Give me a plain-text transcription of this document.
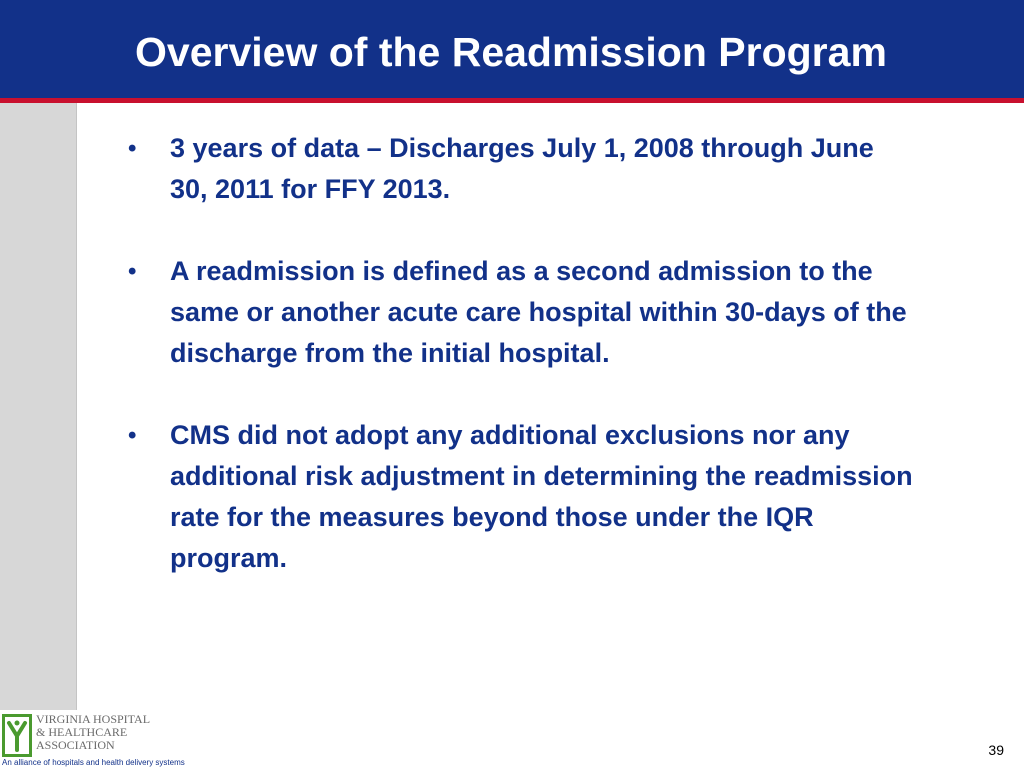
Overview of the Readmission Program
• 3 years of data – Discharges July 1, 2008 through June 30, 2011 for FFY 2013.
• A readmission is defined as a second admission to the same or another acute care hospital within 30-days of the discharge from the initial hospital.
• CMS did not adopt any additional exclusions nor any additional risk adjustment in determining the readmission rate for the measures beyond those under the IQR program.
VIRGINIA HOSPITAL
& HEALTHCARE
ASSOCIATION
An alliance of hospitals and health delivery systems
39
